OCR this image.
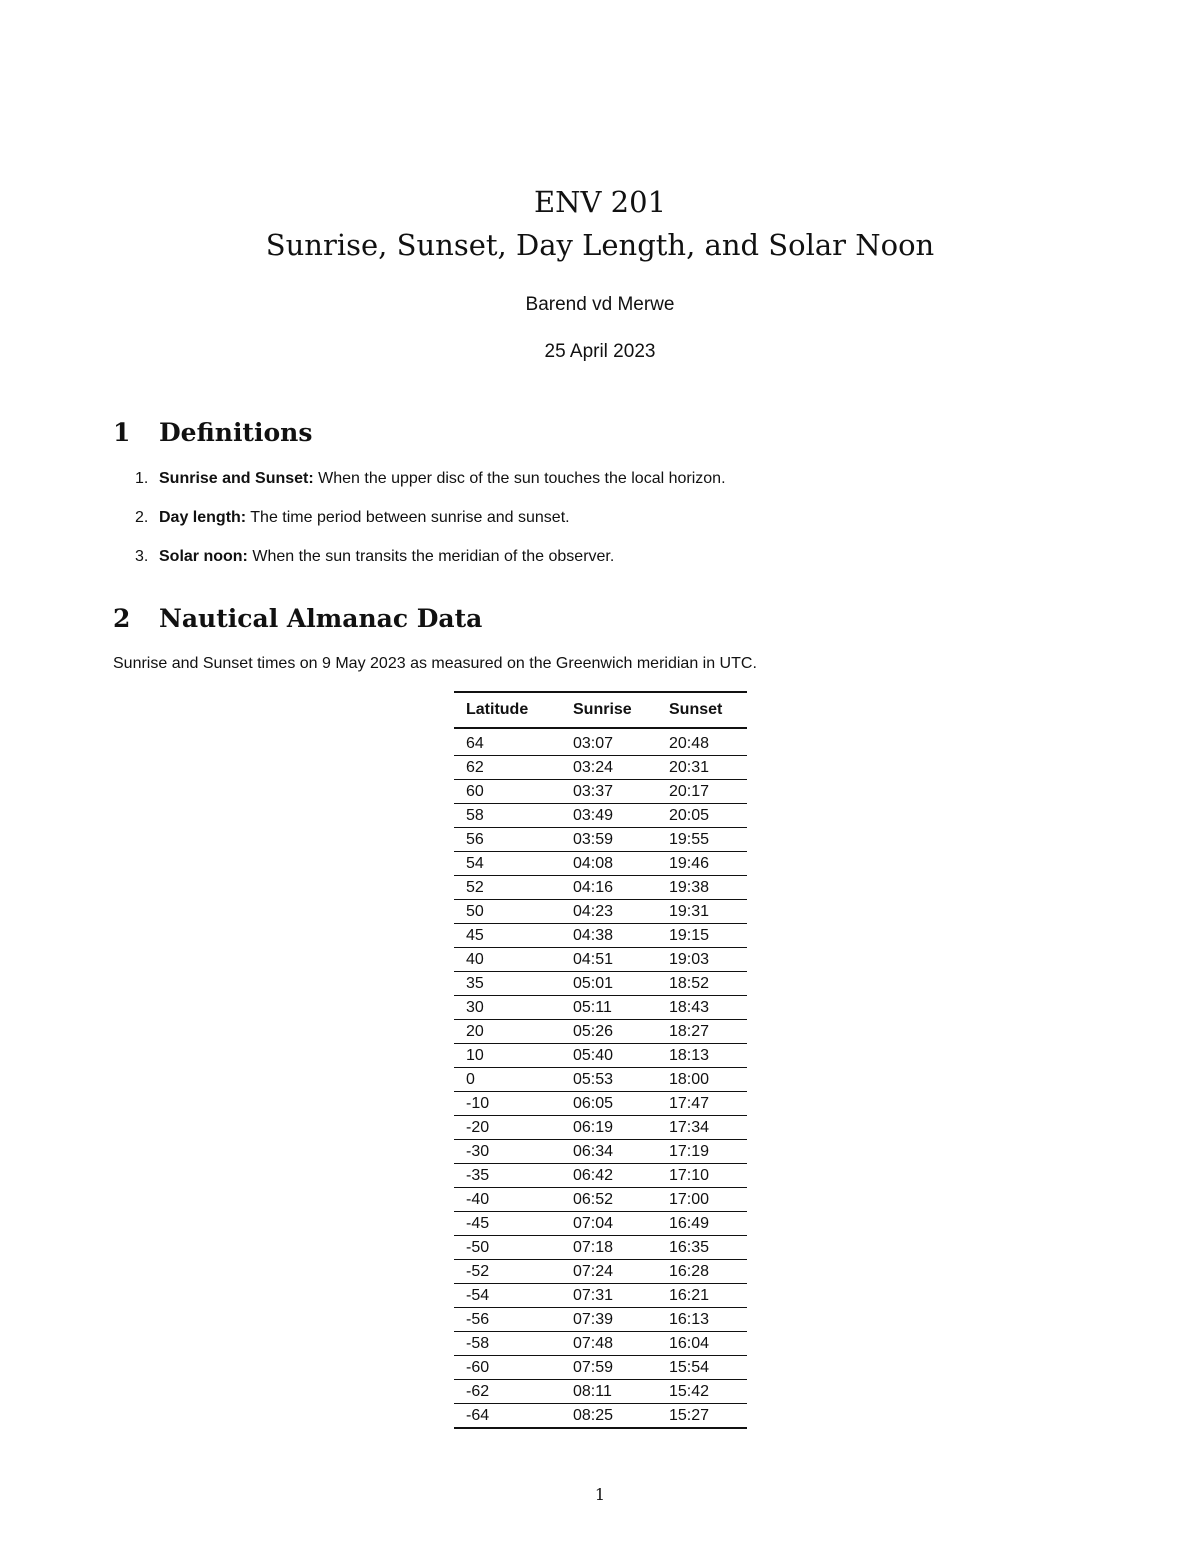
ENV 201
Sunrise, Sunset, Day Length, and Solar Noon
Barend vd Merwe
25 April 2023
1 Definitions
1. Sunrise and Sunset: When the upper disc of the sun touches the local horizon.
2. Day length: The time period between sunrise and sunset.
3. Solar noon: When the sun transits the meridian of the observer.
2 Nautical Almanac Data
Sunrise and Sunset times on 9 May 2023 as measured on the Greenwich meridian in UTC.
Latitude	Sunrise	Sunset

64	03:07	20:48
62	03:24	20:31
60	03:37	20:17
58	03:49	20:05
56	03:59	19:55
54	04:08	19:46
52	04:16	19:38
50	04:23	19:31
45	04:38	19:15
40	04:51	19:03
35	05:01	18:52
30	05:11	18:43
20	05:26	18:27
10	05:40	18:13
0	05:53	18:00
-10	06:05	17:47
-20	06:19	17:34
-30	06:34	17:19
-35	06:42	17:10
-40	06:52	17:00
-45	07:04	16:49
-50	07:18	16:35
-52	07:24	16:28
-54	07:31	16:21
-56	07:39	16:13
-58	07:48	16:04
-60	07:59	15:54
-62	08:11	15:42
-64	08:25	15:27
1
